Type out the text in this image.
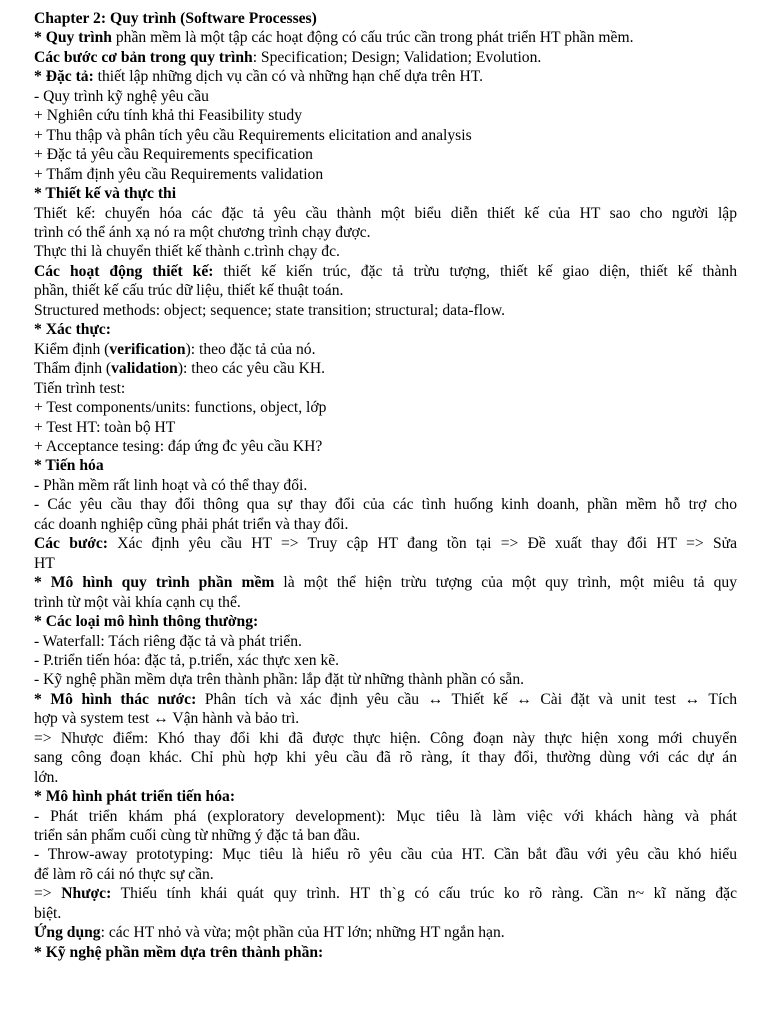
Chapter 2: Quy trình (Software Processes)
* Quy trình phần mềm là một tập các hoạt động có cấu trúc cần trong phát triển HT phần mềm.
Các bước cơ bản trong quy trình: Specification; Design; Validation; Evolution.
* Đặc tả: thiết lập những dịch vụ cần có và những hạn chế dựa trên HT.
- Quy trình kỹ nghệ yêu cầu
+ Nghiên cứu tính khả thi Feasibility study
+ Thu thập và phân tích yêu cầu Requirements elicitation and analysis
+ Đặc tả yêu cầu Requirements specification
+ Thẩm định yêu cầu Requirements validation
* Thiết kế và thực thi
Thiết kế: chuyển hóa các đặc tả yêu cầu thành một biểu diễn thiết kế của HT sao cho người lập
trình có thể ánh xạ nó ra một chương trình chạy được.
Thực thi là chuyển thiết kế thành c.trình chạy đc.
Các hoạt động thiết kế: thiết kế kiến trúc, đặc tả trừu tượng, thiết kế giao diện, thiết kế thành
phần, thiết kế cấu trúc dữ liệu, thiết kế thuật toán.
Structured methods: object; sequence; state transition; structural; data-flow.
* Xác thực:
Kiểm định (verification): theo đặc tả của nó.
Thẩm định (validation): theo các yêu cầu KH.
Tiến trình test:
+ Test components/units: functions, object, lớp
+ Test HT: toàn bộ HT
+ Acceptance tesing: đáp ứng đc yêu cầu KH?
* Tiến hóa
- Phần mềm rất linh hoạt và có thể thay đổi.
- Các yêu cầu thay đổi thông qua sự thay đổi của các tình huống kinh doanh, phần mềm hỗ trợ cho
các doanh nghiệp cũng phải phát triển và thay đổi.
Các bước: Xác định yêu cầu HT => Truy cập HT đang tồn tại => Đề xuất thay đổi HT => Sửa
HT
* Mô hình quy trình phần mềm là một thể hiện trừu tượng của một quy trình, một miêu tả quy
trình từ một vài khía cạnh cụ thể.
* Các loại mô hình thông thường:
- Waterfall: Tách riêng đặc tả và phát triển.
- P.triển tiến hóa: đặc tả, p.triển, xác thực xen kẽ.
- Kỹ nghệ phần mềm dựa trên thành phần: lắp đặt từ những thành phần có sẵn.
* Mô hình thác nước: Phân tích và xác định yêu cầu ↔ Thiết kế ↔ Cài đặt và unit test ↔ Tích
hợp và system test ↔ Vận hành và bảo trì.
=> Nhược điểm: Khó thay đổi khi đã được thực hiện. Công đoạn này thực hiện xong mới chuyển
sang công đoạn khác. Chỉ phù hợp khi yêu cầu đã rõ ràng, ít thay đổi, thường dùng với các dự án
lớn.
* Mô hình phát triển tiến hóa:
- Phát triển khám phá (exploratory development): Mục tiêu là làm việc với khách hàng và phát
triển sản phẩm cuối cùng từ những ý đặc tả ban đầu.
- Throw-away prototyping: Mục tiêu là hiểu rõ yêu cầu của HT. Cần bắt đầu với yêu cầu khó hiểu
để làm rõ cái nó thực sự cần.
=> Nhược: Thiếu tính khái quát quy trình. HT th`g có cấu trúc ko rõ ràng. Cần n~ kĩ năng đặc
biệt.
Ứng dụng: các HT nhỏ và vừa; một phần của HT lớn; những HT ngắn hạn.
* Kỹ nghệ phần mềm dựa trên thành phần:
